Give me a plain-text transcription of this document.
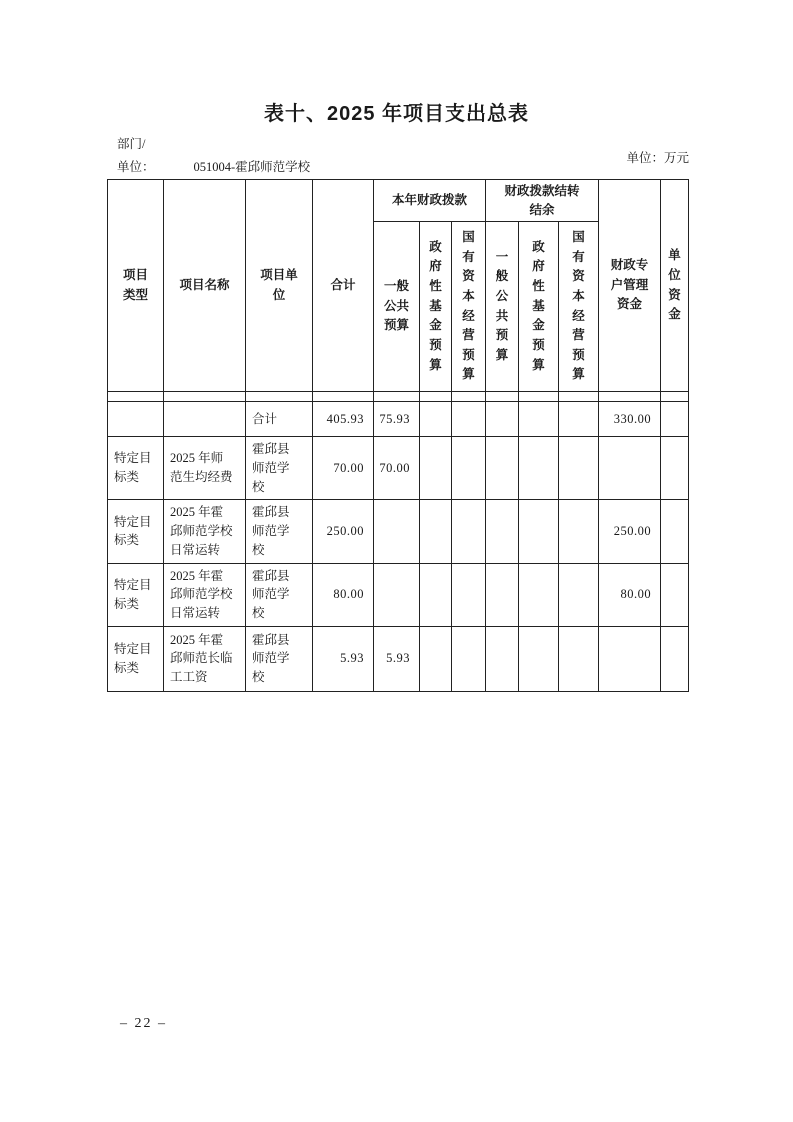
表十、2025 年项目支出总表
部门/
单位：	051004-霍邱师范学校
单位：万元
项目类型	项目名称	项目单位	合计	本年财政拨款			财政拨款结转结余			财政专户管理资金	单位资金
				一般公共预算	政府性基金预算	国有资本经营预算	一般公共预算	政府性基金预算	国有资本经营预算		

		合计	405.93	75.93						330.00	
特定目标类	2025 年师范生均经费	霍邱县师范学校	70.00	70.00							
特定目标类	2025 年霍邱师范学校日常运转	霍邱县师范学校	250.00							250.00	
特定目标类	2025 年霍邱师范学校日常运转	霍邱县师范学校	80.00							80.00	
特定目标类	2025 年霍邱师范长临工工资	霍邱县师范学校	5.93	5.93							
– 22 –
